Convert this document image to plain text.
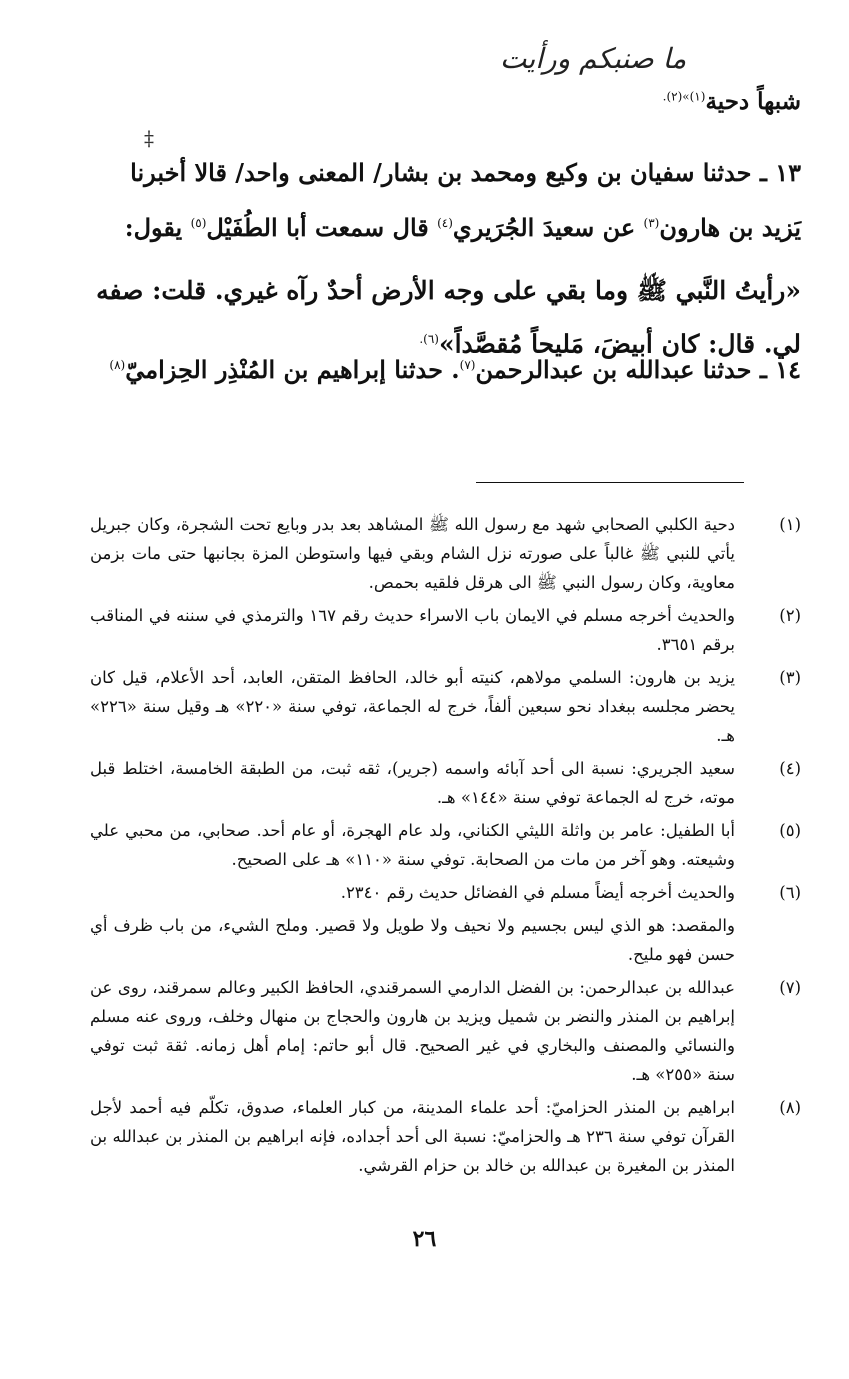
ما صنبكم ورأيت
شبهاً دحية$^{(١)»(٢).}$
‡
١٣ ـ حدثنا سفيان بن وكيع ومحمد بن بشار/ المعنى واحد/ قالا أخبرنا
يَزيد بن هارون$^{(٣)}$ عن سعيدَ الجُرَيري$^{(٤)}$ قال سمعت أبا الطُفَيْل$^{(٥)}$ يقول:
«رأيتُ النَّبي ﷺ وما بقي على وجه الأرض أحدٌ رآه غيري. قلت: صفه
لي. قال: كان أبيضَ، مَليحاً مُقصَّداً»$^{(٦).}$
١٤ ـ حدثنا عبدالله بن عبدالرحمن$^{(٧)}$. حدثنا إبراهيم بن المُنْذِر الحِزاميّ$^{(٨)}$
(١)
دحية الكلبي الصحابي شهد مع رسول الله ﷺ المشاهد بعد بدر وبايع تحت الشجرة، وكان جبريل يأتي للنبي ﷺ غالباً على صورته نزل الشام وبقي فيها واستوطن المزة بجانبها حتى مات بزمن معاوية، وكان رسول النبي ﷺ الى هرقل فلقيه بحمص.
(٢)
والحديث أخرجه مسلم في الايمان باب الاسراء حديث رقم ١٦٧ والترمذي في سننه في المناقب برقم ٣٦٥١.
(٣)
يزيد بن هارون: السلمي مولاهم، كنيته أبو خالد، الحافظ المتقن، العابد، أحد الأعلام، قيل كان يحضر مجلسه ببغداد نحو سبعين ألفاً، خرج له الجماعة، توفي سنة «٢٢٠» هـ وقيل سنة «٢٢٦» هـ.
(٤)
سعيد الجريري: نسبة الى أحد آبائه واسمه (جرير)، ثقه ثبت، من الطبقة الخامسة، اختلط قبل موته، خرج له الجماعة توفي سنة «١٤٤» هـ.
(٥)
أبا الطفيل: عامر بن واثلة الليثي الكناني، ولد عام الهجرة، أو عام أحد. صحابي، من محبي علي وشيعته. وهو آخر من مات من الصحابة. توفي سنة «١١٠» هـ على الصحيح.
(٦)
والحديث أخرجه أيضاً مسلم في الفضائل حديث رقم ٢٣٤٠.
والمقصد: هو الذي ليس بجسيم ولا نحيف ولا طويل ولا قصير. وملح الشيء، من باب ظرف أي حسن فهو مليح.
(٧)
عبدالله بن عبدالرحمن: بن الفضل الدارمي السمرقندي، الحافظ الكبير وعالم سمرقند، روى عن إبراهيم بن المنذر والنضر بن شميل ويزيد بن هارون والحجاج بن منهال وخلف، وروى عنه مسلم والنسائي والمصنف والبخاري في غير الصحيح. قال أبو حاتم: إمام أهل زمانه. ثقة ثبت توفي سنة «٢٥٥» هـ.
(٨)
ابراهيم بن المنذر الحزاميّ: أحد علماء المدينة، من كبار العلماء، صدوق، تكلّم فيه أحمد لأجل القرآن توفي سنة ٢٣٦ هـ والحزاميّ: نسبة الى أحد أجداده، فإنه ابراهيم بن المنذر بن عبدالله بن المنذر بن المغيرة بن عبدالله بن خالد بن حزام القرشي.
٢٦
